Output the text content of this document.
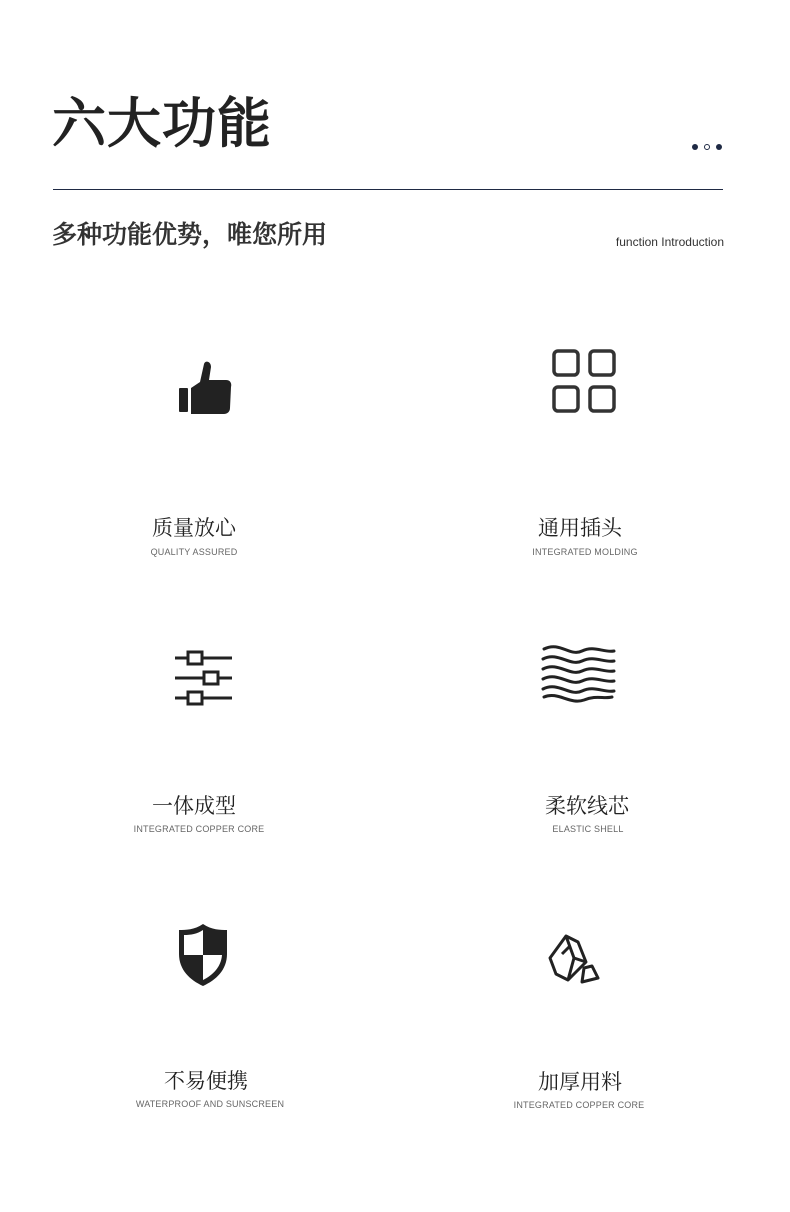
六大功能
多种功能优势，唯您所用	function Introduction
质量放心
QUALITY ASSURED
通用插头
INTEGRATED MOLDING
一体成型
INTEGRATED COPPER CORE
柔软线芯
ELASTIC SHELL
不易便携
WATERPROOF AND SUNSCREEN
加厚用料
INTEGRATED COPPER CORE
